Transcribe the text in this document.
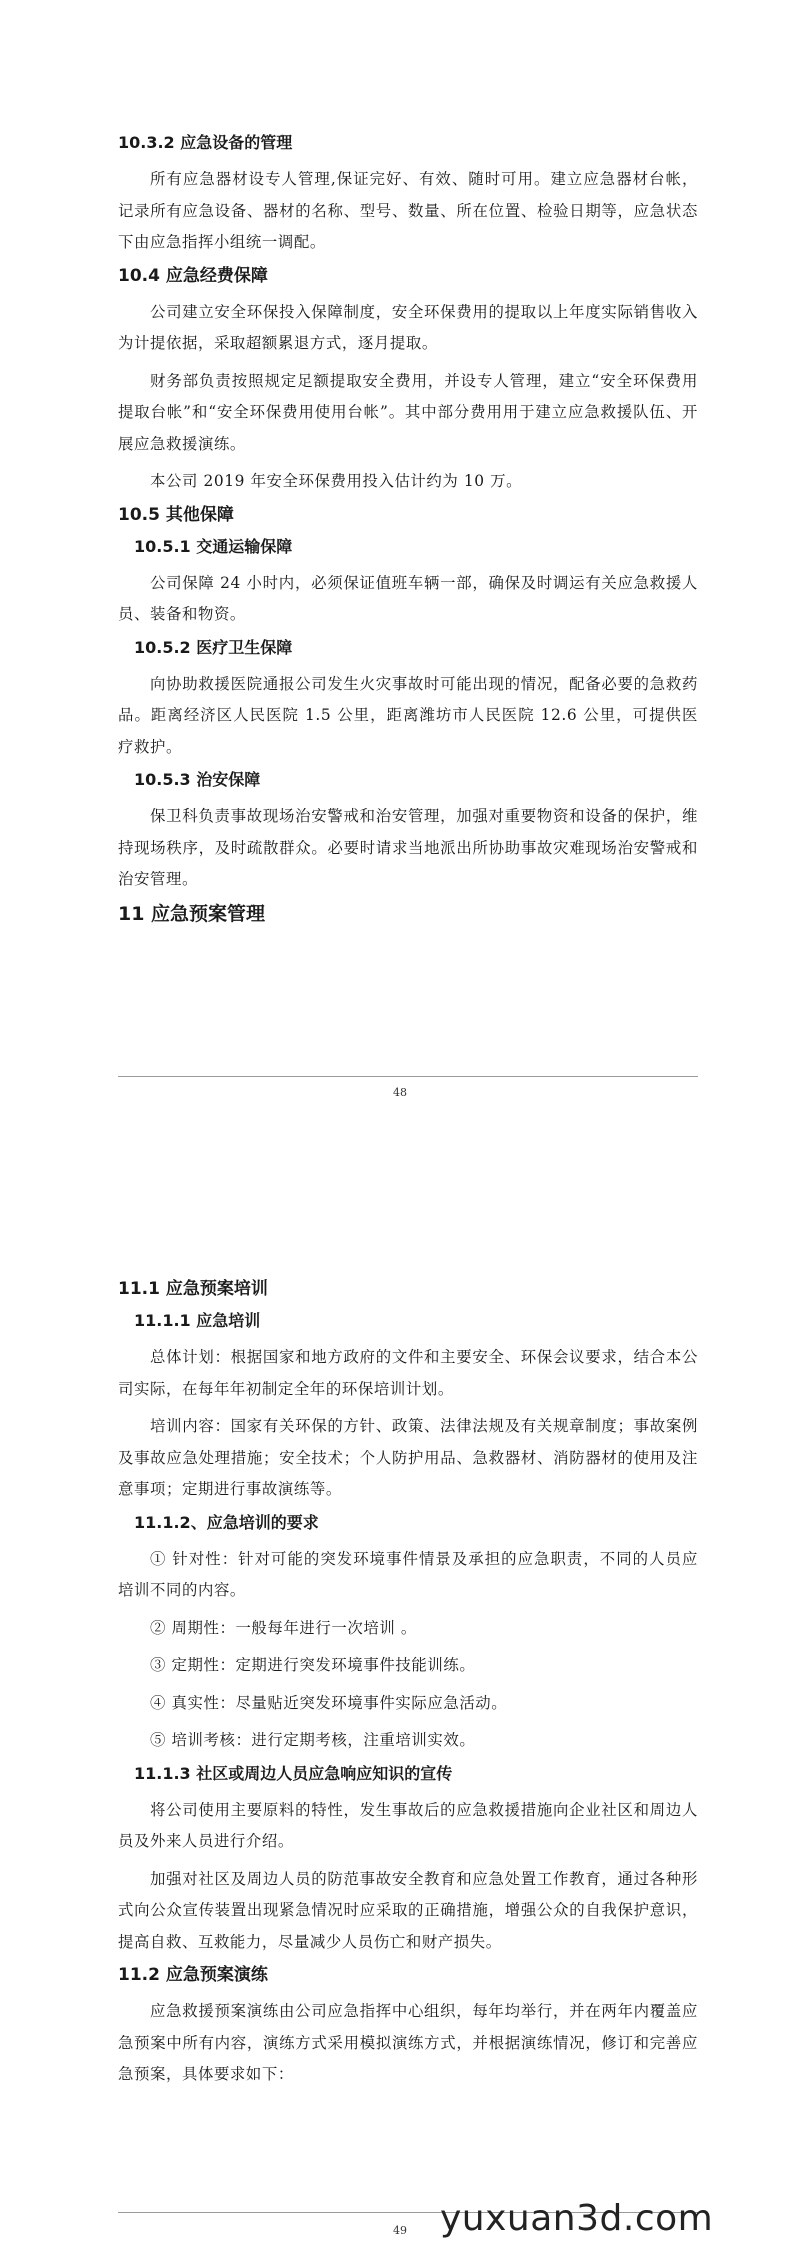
10.3.2 应急设备的管理

所有应急器材设专人管理,保证完好、有效、随时可用。建立应急器材台帐，记录所有应急设备、器材的名称、型号、数量、所在位置、检验日期等，应急状态下由应急指挥小组统一调配。

10.4 应急经费保障

公司建立安全环保投入保障制度，安全环保费用的提取以上年度实际销售收入为计提依据，采取超额累退方式，逐月提取。

财务部负责按照规定足额提取安全费用，并设专人管理，建立“安全环保费用提取台帐”和“安全环保费用使用台帐”。其中部分费用用于建立应急救援队伍、开展应急救援演练。

本公司 2019 年安全环保费用投入估计约为 10 万。

10.5 其他保障
10.5.1 交通运输保障

公司保障 24 小时内，必须保证值班车辆一部，确保及时调运有关应急救援人员、装备和物资。

10.5.2 医疗卫生保障

向协助救援医院通报公司发生火灾事故时可能出现的情况，配备必要的急救药品。距离经济区人民医院 1.5 公里，距离潍坊市人民医院 12.6 公里，可提供医疗救护。

10.5.3 治安保障

保卫科负责事故现场治安警戒和治安管理，加强对重要物资和设备的保护，维持现场秩序，及时疏散群众。必要时请求当地派出所协助事故灾难现场治安警戒和治安管理。

11 应急预案管理
48
11.1 应急预案培训
11.1.1 应急培训

总体计划：根据国家和地方政府的文件和主要安全、环保会议要求，结合本公司实际，在每年年初制定全年的环保培训计划。

培训内容：国家有关环保的方针、政策、法律法规及有关规章制度；事故案例及事故应急处理措施；安全技术；个人防护用品、急救器材、消防器材的使用及注意事项；定期进行事故演练等。

11.1.2、应急培训的要求

① 针对性：针对可能的突发环境事件情景及承担的应急职责，不同的人员应培训不同的内容。

② 周期性：一般每年进行一次培训 。

③ 定期性：定期进行突发环境事件技能训练。

④ 真实性：尽量贴近突发环境事件实际应急活动。

⑤ 培训考核：进行定期考核，注重培训实效。

11.1.3 社区或周边人员应急响应知识的宣传

将公司使用主要原料的特性，发生事故后的应急救援措施向企业社区和周边人员及外来人员进行介绍。

加强对社区及周边人员的防范事故安全教育和应急处置工作教育，通过各种形式向公众宣传装置出现紧急情况时应采取的正确措施，增强公众的自我保护意识，提高自救、互救能力，尽量减少人员伤亡和财产损失。

11.2 应急预案演练

应急救援预案演练由公司应急指挥中心组织，每年均举行，并在两年内覆盖应急预案中所有内容，演练方式采用模拟演练方式，并根据演练情况，修订和完善应急预案，具体要求如下：

49 yuxuan3d.com
